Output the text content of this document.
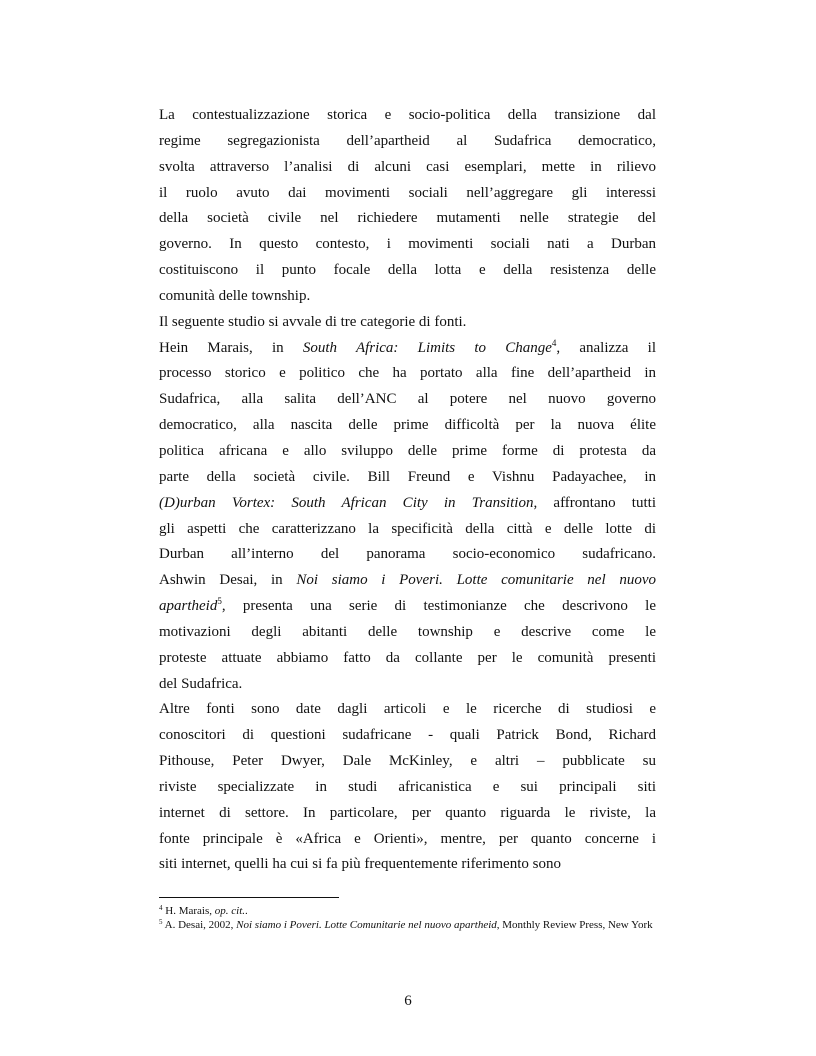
La contestualizzazione storica e socio-politica della transizione dal
regime segregazionista dell’apartheid al Sudafrica democratico,
svolta attraverso l’analisi di alcuni casi esemplari, mette in rilievo
il ruolo avuto dai movimenti sociali nell’aggregare gli interessi
della società civile nel richiedere mutamenti nelle strategie del
governo. In questo contesto, i movimenti sociali nati a Durban
costituiscono il punto focale della lotta e della resistenza delle
comunità delle township.
Il seguente studio si avvale di tre categorie di fonti.
Hein Marais, in South Africa: Limits to Change$^4$, analizza il
processo storico e politico che ha portato alla fine dell’apartheid in
Sudafrica, alla salita dell’ANC al potere nel nuovo governo
democratico, alla nascita delle prime difficoltà per la nuova élite
politica africana e allo sviluppo delle prime forme di protesta da
parte della società civile. Bill Freund e Vishnu Padayachee, in
(D)urban Vortex: South African City in Transition, affrontano tutti
gli aspetti che caratterizzano la specificità della città e delle lotte di
Durban all’interno del panorama socio-economico sudafricano.
Ashwin Desai, in Noi siamo i Poveri. Lotte comunitarie nel nuovo
apartheid$^5$, presenta una serie di testimonianze che descrivono le
motivazioni degli abitanti delle township e descrive come le
proteste attuate abbiamo fatto da collante per le comunità presenti
del Sudafrica.
Altre fonti sono date dagli articoli e le ricerche di studiosi e
conoscitori di questioni sudafricane - quali Patrick Bond, Richard
Pithouse, Peter Dwyer, Dale McKinley, e altri – pubblicate su
riviste specializzate in studi africanistica e sui principali siti
internet di settore. In particolare, per quanto riguarda le riviste, la
fonte principale è «Africa e Orienti», mentre, per quanto concerne i
siti internet, quelli ha cui si fa più frequentemente riferimento sono
$^4$ H. Marais, op. cit..
$^5$ A. Desai, 2002, Noi siamo i Poveri. Lotte Comunitarie nel nuovo apartheid, Monthly Review Press, New York
6
